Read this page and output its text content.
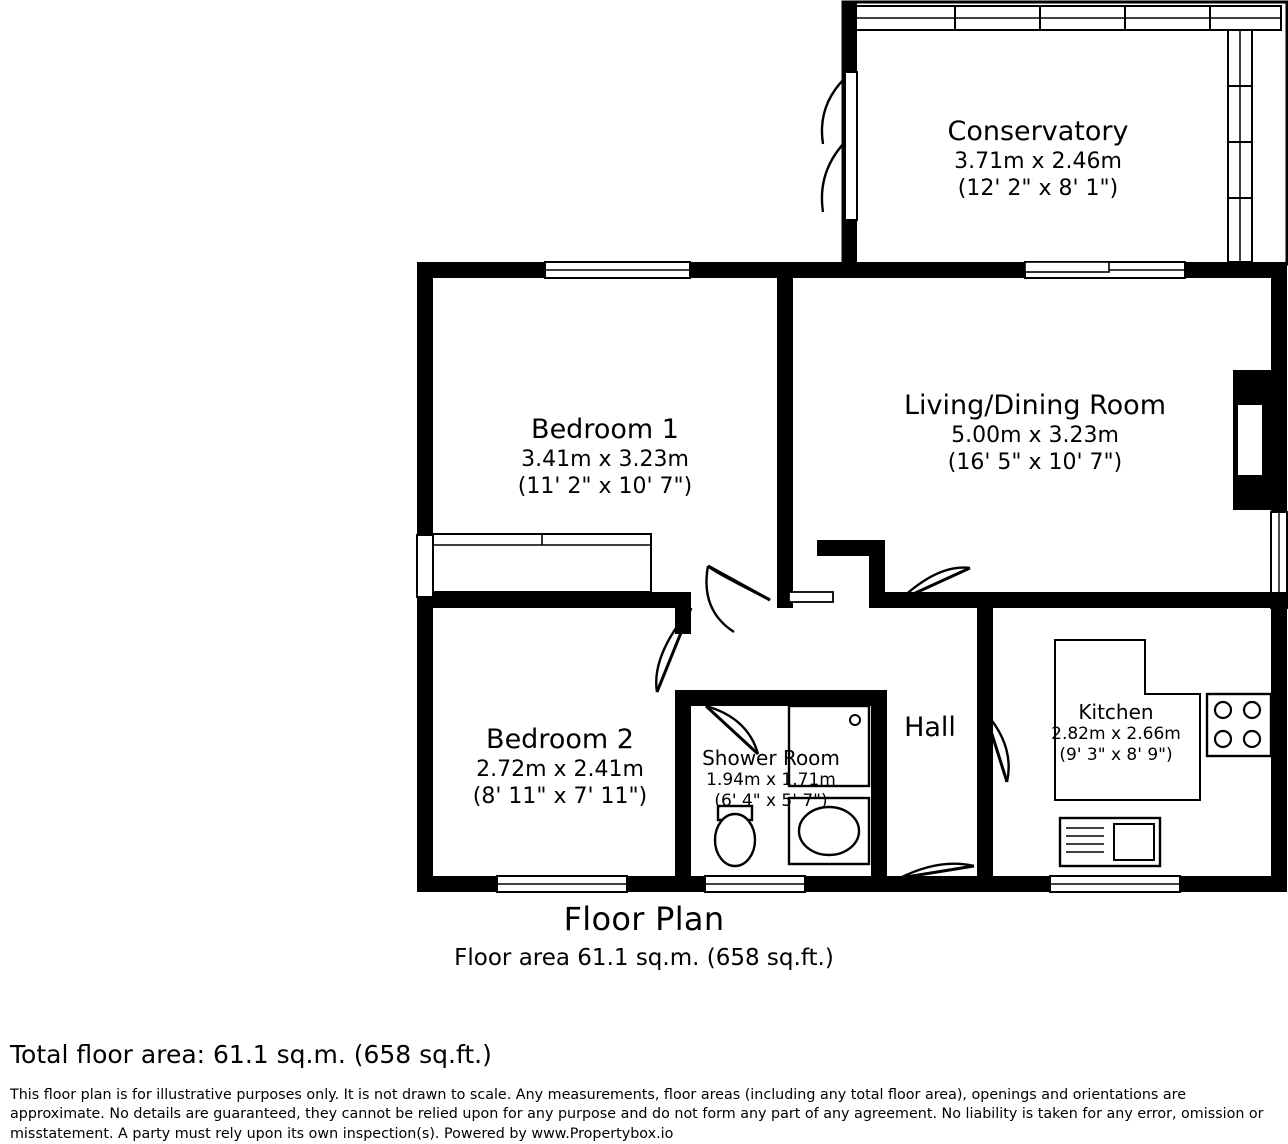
Conservatory
3.71m x 2.46m
(12' 2" x 8' 1")
Living/Dining Room
5.00m x 3.23m
(16' 5" x 10' 7")
Bedroom 1
3.41m x 3.23m
(11' 2" x 10' 7")
Bedroom 2
2.72m x 2.41m
(8' 11" x 7' 11")
Shower Room
1.94m x 1.71m
(6' 4" x 5' 7")
Kitchen
2.82m x 2.66m
(9' 3" x 8' 9")
Hall
Floor Plan
Floor area 61.1 sq.m. (658 sq.ft.)
Total floor area: 61.1 sq.m. (658 sq.ft.)
This floor plan is for illustrative purposes only. It is not drawn to scale. Any measurements, floor areas (including any total floor area), openings and orientations are approximate. No details are guaranteed, they cannot be relied upon for any purpose and do not form any part of any agreement. No liability is taken for any error, omission or misstatement. A party must rely upon its own inspection(s). Powered by www.Propertybox.io
